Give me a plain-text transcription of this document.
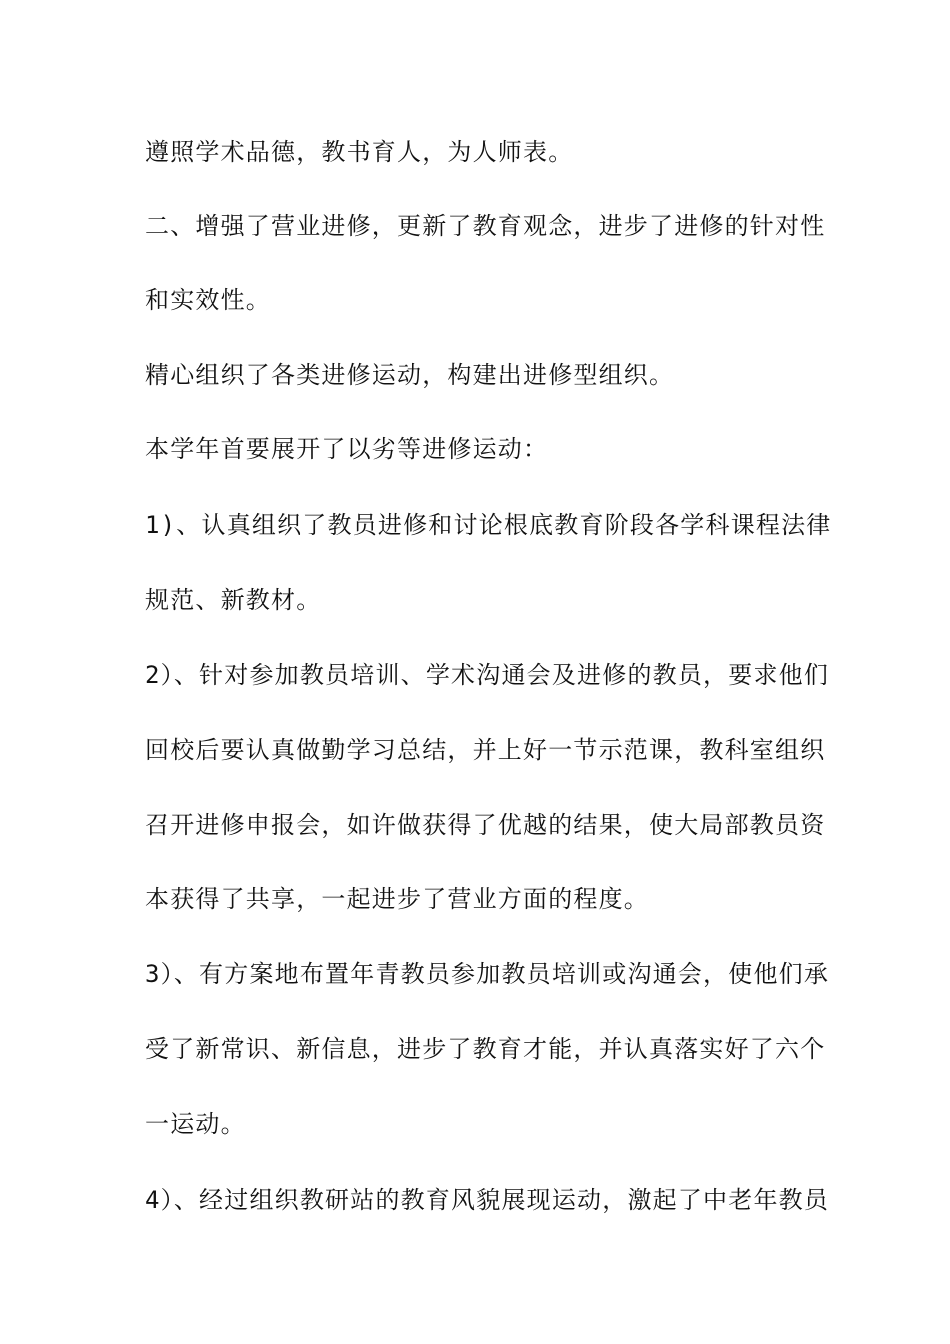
遵照学术品德，教书育人，为人师表。
二、增强了营业进修，更新了教育观念，进步了进修的针对性
和实效性。
精心组织了各类进修运动，构建出进修型组织。
本学年首要展开了以劣等进修运动：
1)、认真组织了教员进修和讨论根底教育阶段各学科课程法律
规范、新教材。
2）、针对参加教员培训、学术沟通会及进修的教员，要求他们
回校后要认真做勤学习总结，并上好一节示范课，教科室组织
召开进修申报会，如许做获得了优越的结果，使大局部教员资
本获得了共享，一起进步了营业方面的程度。
3）、有方案地布置年青教员参加教员培训或沟通会，使他们承
受了新常识、新信息，进步了教育才能，并认真落实好了六个
一运动。
4）、经过组织教研站的教育风貌展现运动，激起了中老年教员
